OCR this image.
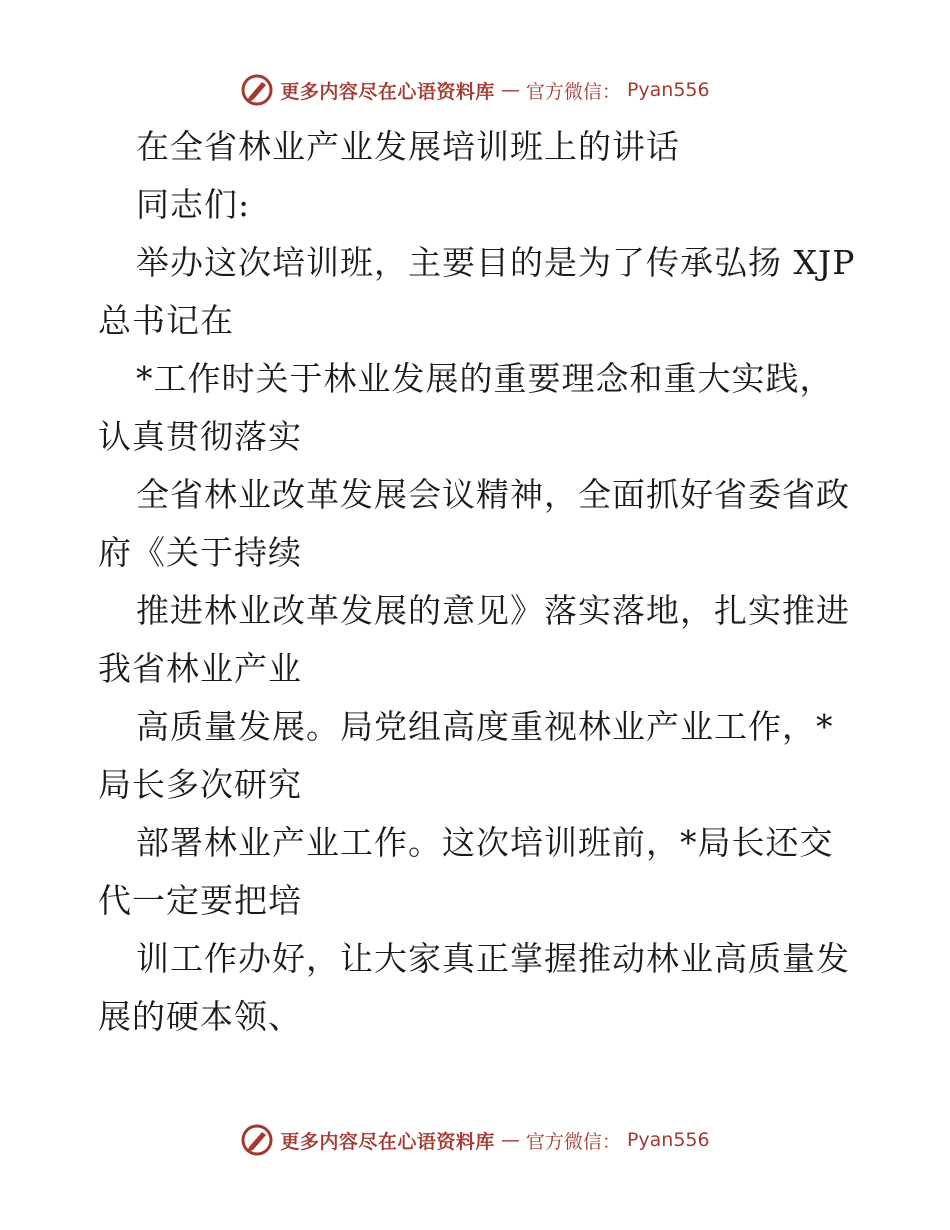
更多内容尽在心语资料库 — 官方微信： Pyan556
在全省林业产业发展培训班上的讲话
同志们:
举办这次培训班，主要目的是为了传承弘扬 XJP
总书记在
*工作时关于林业发展的重要理念和重大实践，
认真贯彻落实
全省林业改革发展会议精神，全面抓好省委省政
府《关于持续
推进林业改革发展的意见》落实落地，扎实推进
我省林业产业
高质量发展。局党组高度重视林业产业工作，*
局长多次研究
部署林业产业工作。这次培训班前，*局长还交
代一定要把培
训工作办好，让大家真正掌握推动林业高质量发
展的硬本领、
更多内容尽在心语资料库 — 官方微信： Pyan556
